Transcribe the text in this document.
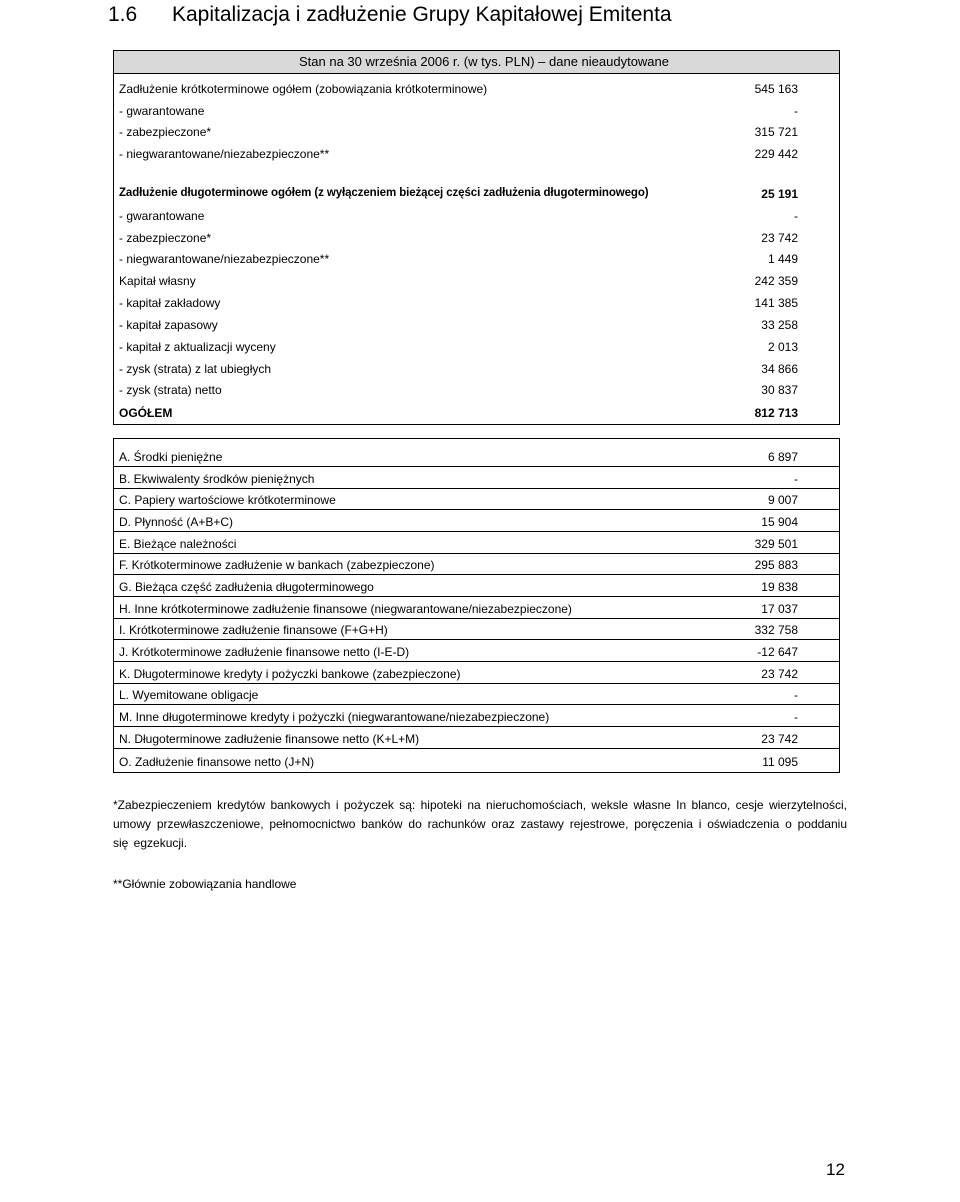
1.6 Kapitalizacja i zadłużenie Grupy Kapitałowej Emitenta
Stan na 30 września 2006 r. (w tys. PLN) – dane nieaudytowane
Zadłużenie krótkoterminowe ogółem (zobowiązania krótkoterminowe)	545 163
- gwarantowane	-
- zabezpieczone*	315 721
- niegwarantowane/niezabezpieczone**	229 442
Zadłużenie długoterminowe ogółem (z wyłączeniem bieżącej części zadłużenia długoterminowego)	25 191
- gwarantowane	-
- zabezpieczone*	23 742
- niegwarantowane/niezabezpieczone**	1 449
Kapitał własny	242 359
- kapitał zakładowy	141 385
- kapitał zapasowy	33 258
- kapitał z aktualizacji wyceny	2 013
- zysk (strata) z lat ubiegłych	34 866
- zysk (strata) netto	30 837
OGÓŁEM	812 713
A. Środki pieniężne	6 897
B. Ekwiwalenty środków pieniężnych	-
C. Papiery wartościowe krótkoterminowe	9 007
D. Płynność (A+B+C)	15 904
E. Bieżące należności	329 501
F. Krótkoterminowe zadłużenie w bankach (zabezpieczone)	295 883
G. Bieżąca część zadłużenia długoterminowego	19 838
H. Inne krótkoterminowe zadłużenie finansowe (niegwarantowane/niezabezpieczone)	17 037
I. Krótkoterminowe zadłużenie finansowe (F+G+H)	332 758
J. Krótkoterminowe zadłużenie finansowe netto (I-E-D)	-12 647
K. Długoterminowe kredyty i pożyczki bankowe (zabezpieczone)	23 742
L. Wyemitowane obligacje	-
M. Inne długoterminowe kredyty i pożyczki (niegwarantowane/niezabezpieczone)	-
N. Długoterminowe zadłużenie finansowe netto (K+L+M)	23 742
O. Zadłużenie finansowe netto (J+N)	11 095

*Zabezpieczeniem kredytów bankowych i pożyczek są: hipoteki na nieruchomościach, weksle własne In blanco, cesje wierzytelności, umowy przewłaszczeniowe, pełnomocnictwo banków do rachunków oraz zastawy rejestrowe, poręczenia i oświadczenia o poddaniu się egzekucji.

**Głównie zobowiązania handlowe

12
